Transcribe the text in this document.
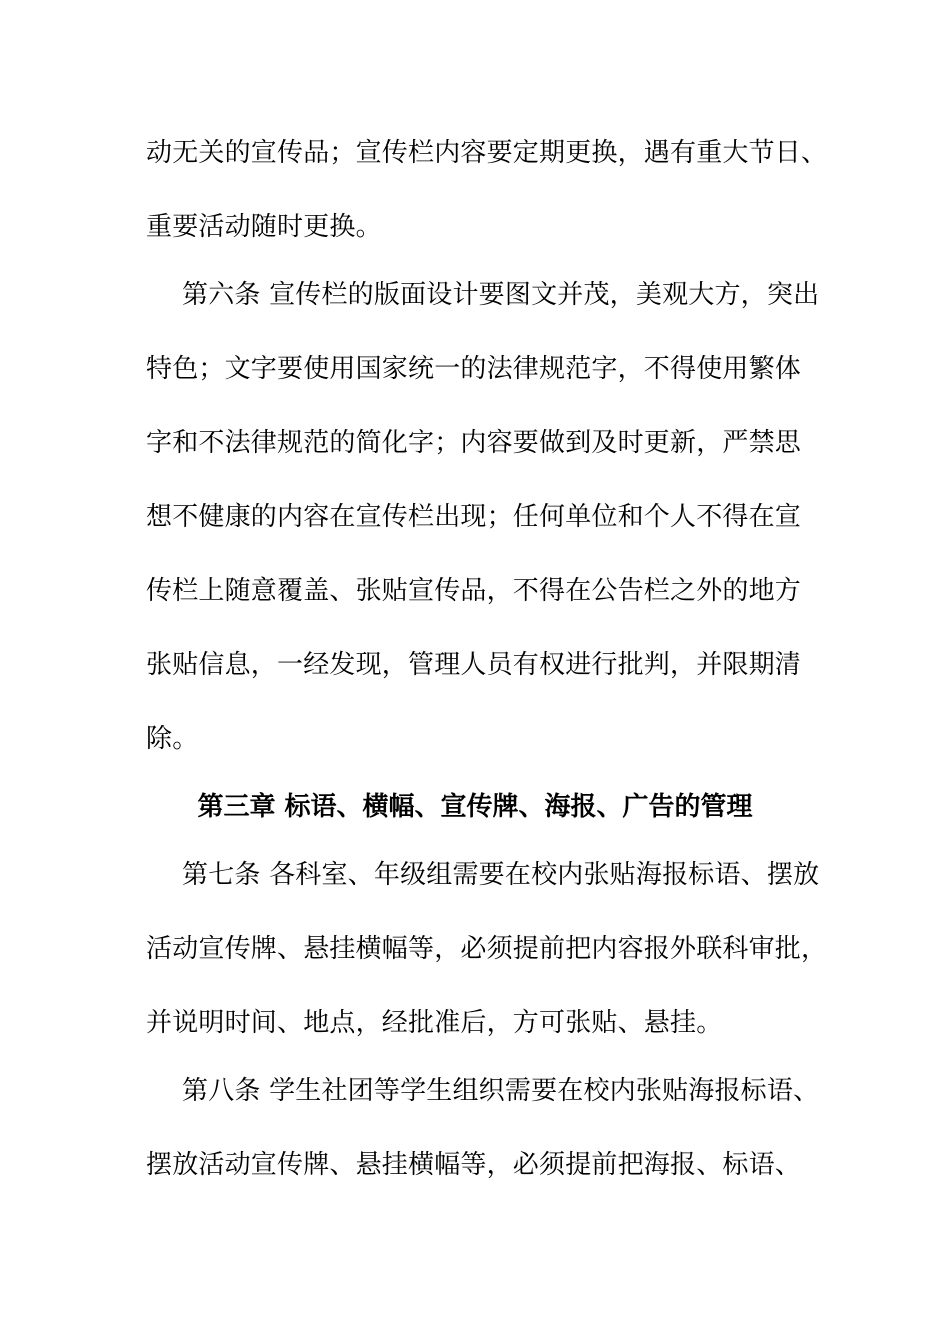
动无关的宣传品；宣传栏内容要定期更换，遇有重大节日、
重要活动随时更换。
第六条 宣传栏的版面设计要图文并茂，美观大方，突出
特色；文字要使用国家统一的法律规范字，不得使用繁体
字和不法律规范的简化字；内容要做到及时更新，严禁思
想不健康的内容在宣传栏出现；任何单位和个人不得在宣
传栏上随意覆盖、张贴宣传品，不得在公告栏之外的地方
张贴信息，一经发现，管理人员有权进行批判，并限期清
除。
第三章 标语、横幅、宣传牌、海报、广告的管理
第七条 各科室、年级组需要在校内张贴海报标语、摆放
活动宣传牌、悬挂横幅等，必须提前把内容报外联科审批，
并说明时间、地点，经批准后，方可张贴、悬挂。
第八条 学生社团等学生组织需要在校内张贴海报标语、
摆放活动宣传牌、悬挂横幅等，必须提前把海报、标语、
